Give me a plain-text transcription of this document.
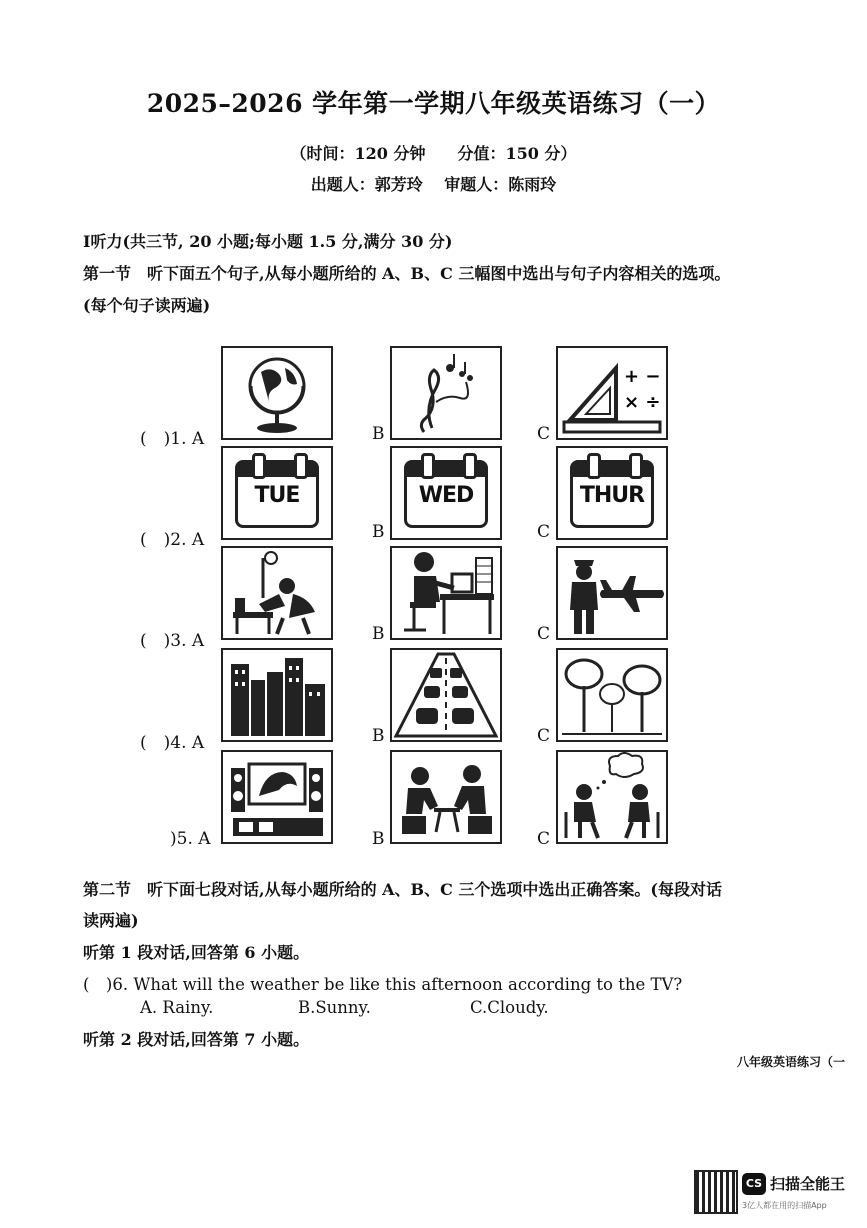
2025–2026 学年第一学期八年级英语练习（一）
（时间：120 分钟　　分值：150 分）
出题人：郭芳玲　 审题人：陈雨玲
Ⅰ听力(共三节, 20 小题;每小题 1.5 分,满分 30 分)
第一节　听下面五个句子,从每小题所给的 A、B、C 三幅图中选出与句子内容相关的选项。
(每个句子读两遍)
(　)1. A	B	C
+ −
× ÷
(　)2. A
TUE
B
WED
C
THUR
(　)3. A	B	C
(　)4. A	B	C
)5. A	B	C
第二节　听下面七段对话,从每小题所给的 A、B、C 三个选项中选出正确答案。(每段对话
读两遍)
听第 1 段对话,回答第 6 小题。
(　)6. What will the weather be like this afternoon according to the TV?
A. Rainy.	B.Sunny.	C.Cloudy.
听第 2 段对话,回答第 7 小题。
八年级英语练习（一
CS 扫描全能王
3亿人都在用的扫描App
